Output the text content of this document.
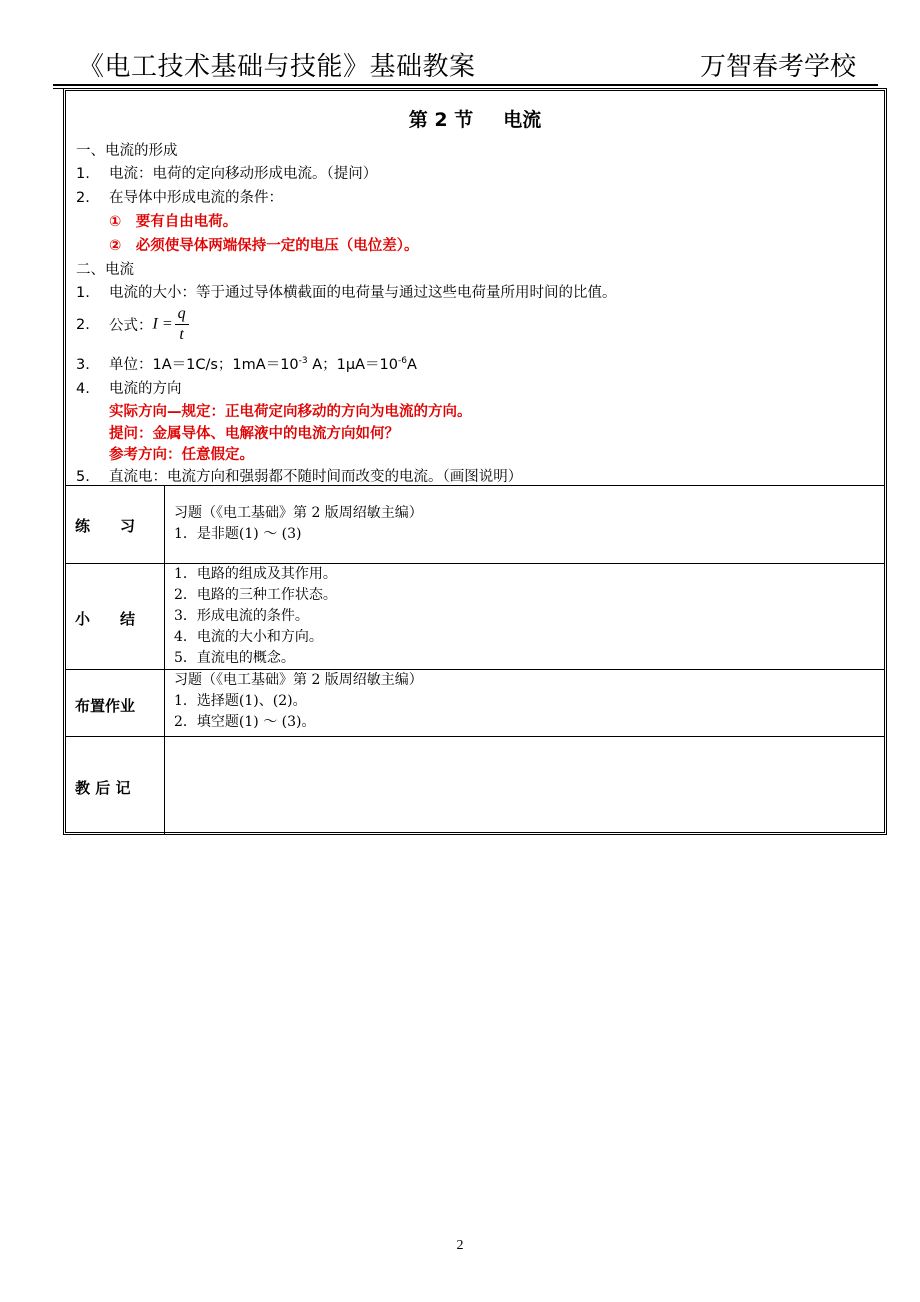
《电工技术基础与技能》基础教案	万智春考学校
第 2 节 电流
一、电流的形成
1. 电流：电荷的定向移动形成电流。（提问）
2. 在导体中形成电流的条件：
①　要有自由电荷。
②　必须使导体两端保持一定的电压（电位差）。
二、电流
1. 电流的大小：等于通过导体横截面的电荷量与通过这些电荷量所用时间的比值。
2. 公式：$I = \frac{q}{t}$
3. 单位：1A＝1C/s；$1mA=10^{-3}$ A；$1\mu A=10^{-6}A$
4. 电流的方向
实际方向—规定：正电荷定向移动的方向为电流的方向。
提问：金属导体、电解液中的电流方向如何？
参考方向：任意假定。
5. 直流电：电流方向和强弱都不随时间而改变的电流。（画图说明）
练　　习
习题（《电工基础》第 2 版周绍敏主编）
1．是非题(1) ～ (3)
小　　结
1．电路的组成及其作用。
2．电路的三种工作状态。
3．形成电流的条件。
4．电流的大小和方向。
5．直流电的概念。
布置作业
习题（《电工基础》第 2 版周绍敏主编）
1．选择题(1)、(2)。
2．填空题(1) ～ (3)。
教 后 记
2
